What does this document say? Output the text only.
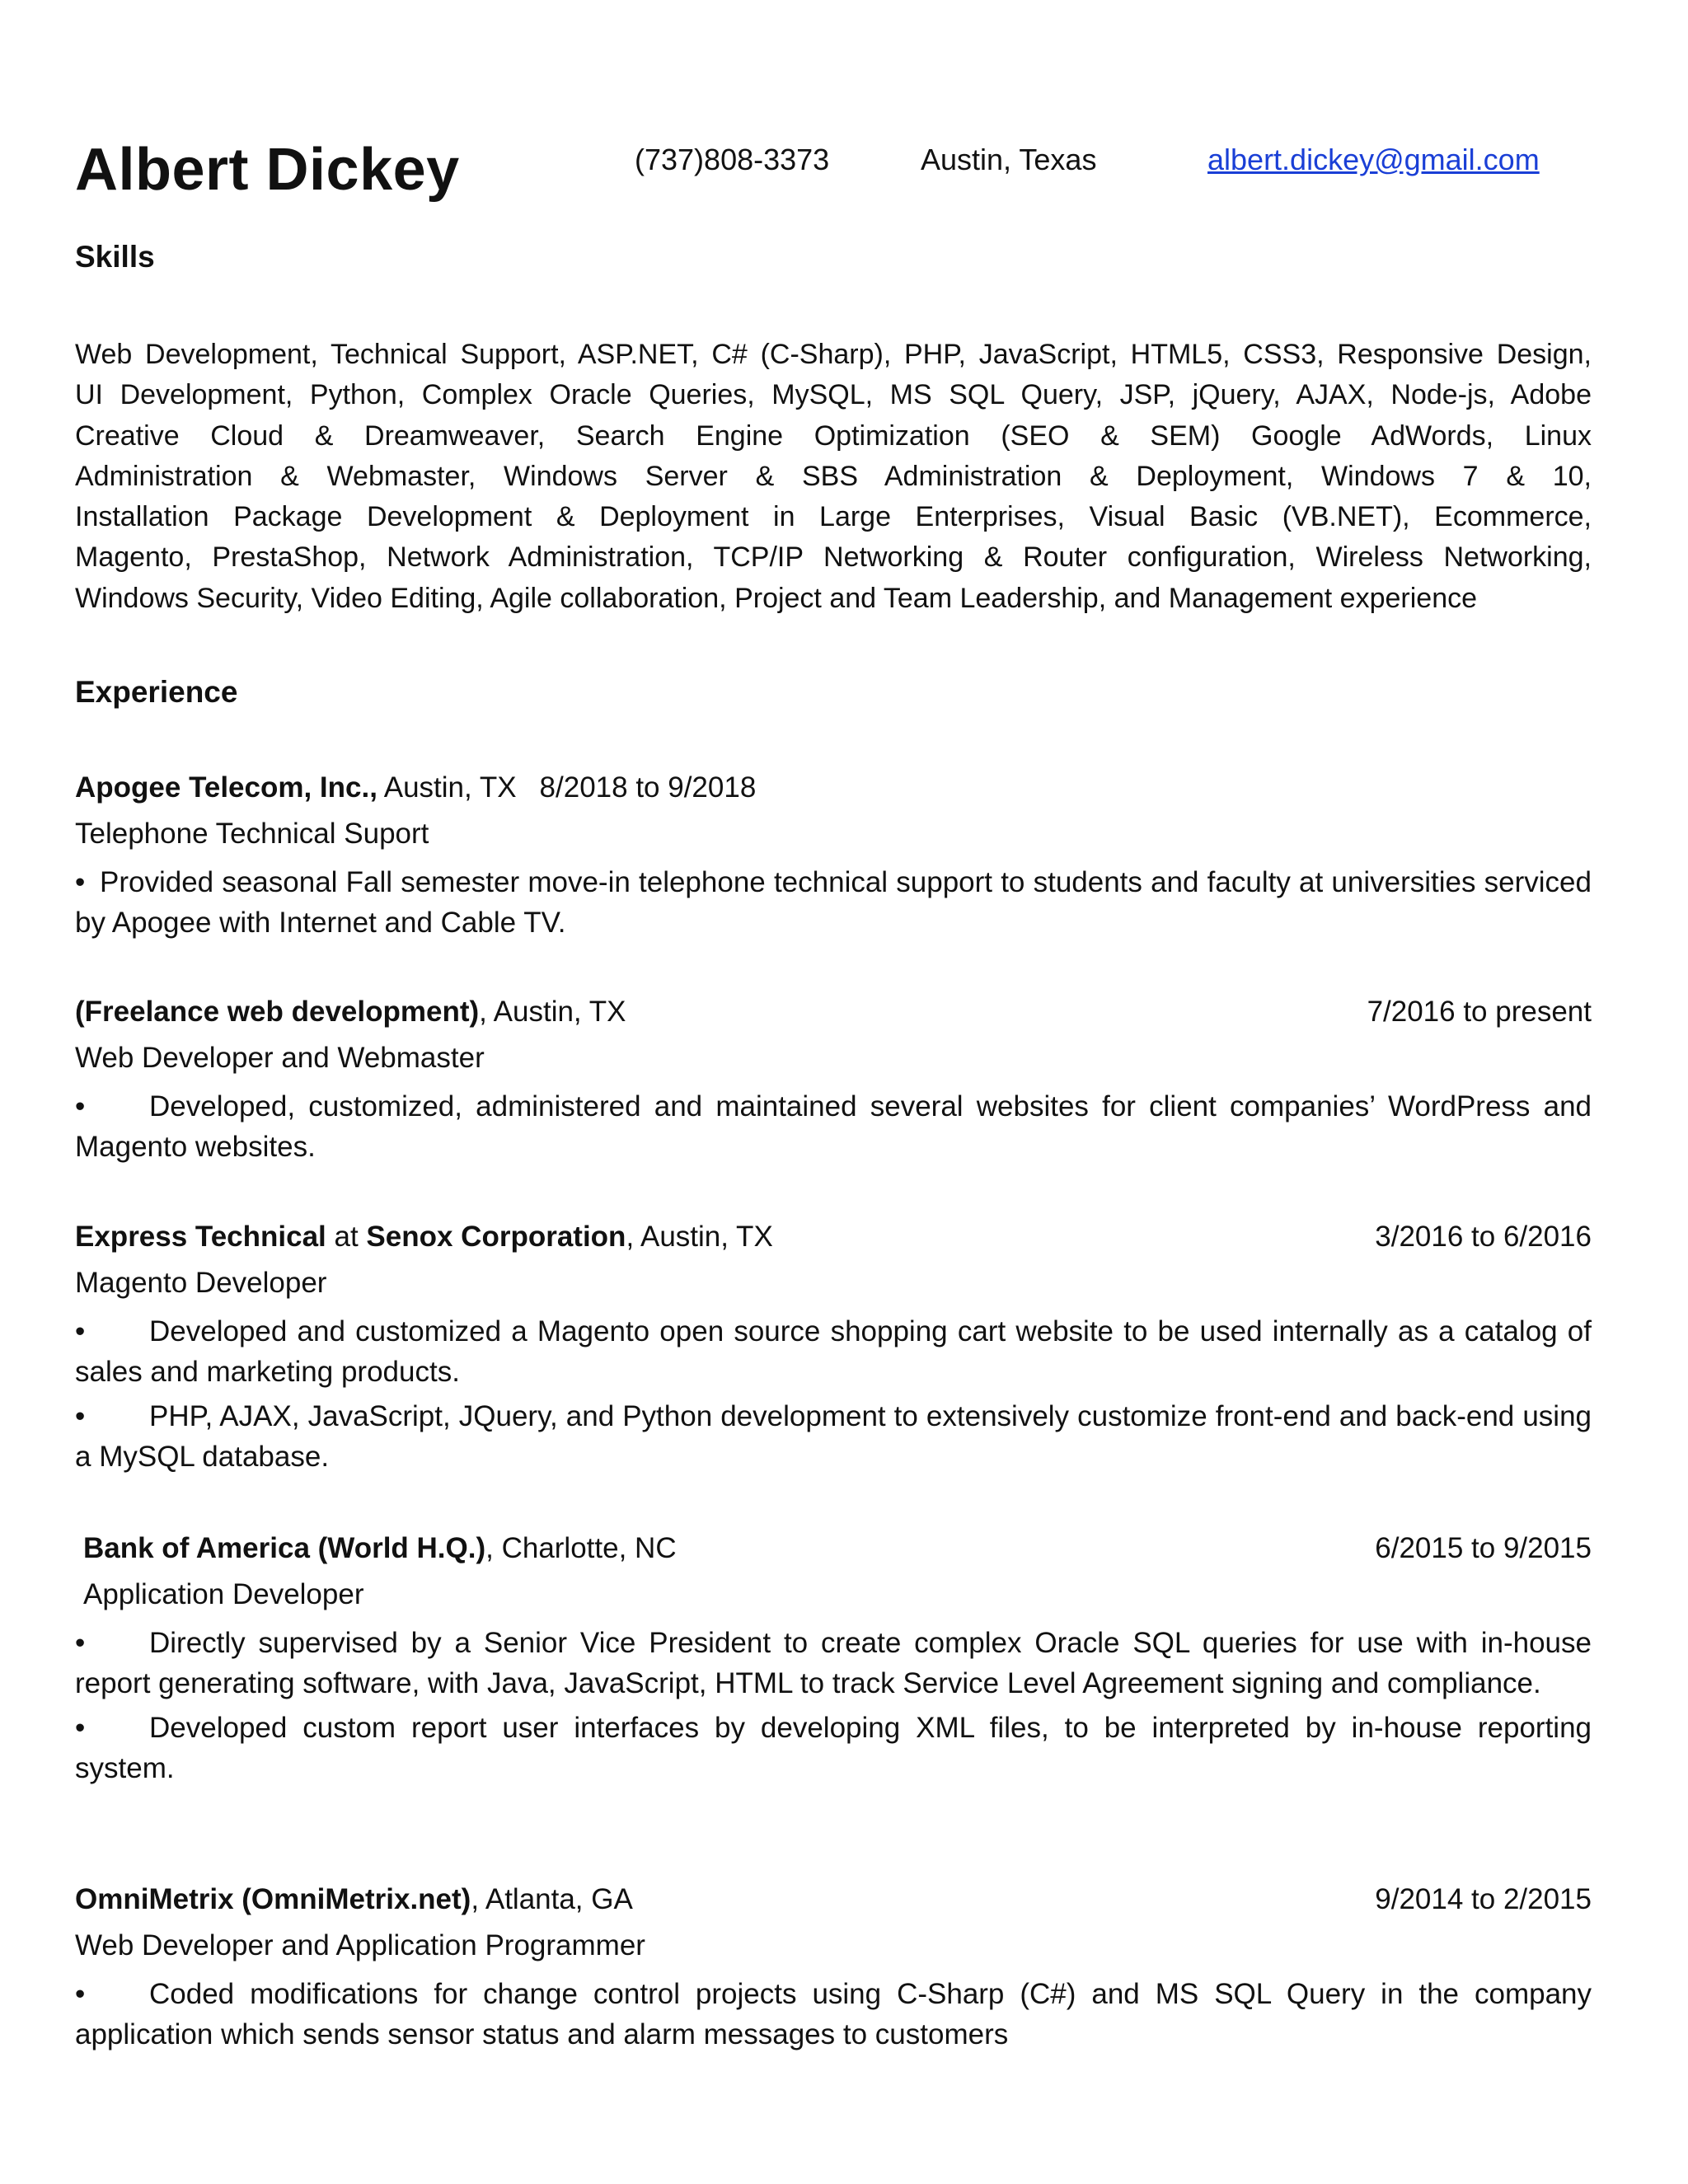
Albert Dickey	(737)808-3373	Austin, Texas	albert.dickey@gmail.com
Skills
Web Development, Technical Support, ASP.NET, C# (C-Sharp), PHP, JavaScript, HTML5, CSS3, Responsive Design,
UI Development, Python, Complex Oracle Queries, MySQL, MS SQL Query, JSP, jQuery, AJAX, Node-js, Adobe
Creative Cloud & Dreamweaver, Search Engine Optimization (SEO & SEM) Google AdWords, Linux
Administration & Webmaster, Windows Server & SBS Administration & Deployment, Windows 7 & 10,
Installation Package Development & Deployment in Large Enterprises, Visual Basic (VB.NET), Ecommerce,
Magento, PrestaShop, Network Administration, TCP/IP Networking & Router configuration, Wireless Networking,
Windows Security, Video Editing, Agile collaboration, Project and Team Leadership, and Management experience
Experience
Apogee Telecom, Inc., Austin, TX 8/2018 to 9/2018
Telephone Technical Suport
• Provided seasonal Fall semester move-in telephone technical support to students and faculty at universities serviced by Apogee with Internet and Cable TV.
(Freelance web development), Austin, TX	7/2016 to present
Web Developer and Webmaster
• Developed, customized, administered and maintained several websites for client companies’ WordPress and Magento websites.
Express Technical at Senox Corporation, Austin, TX	3/2016 to 6/2016
Magento Developer
• Developed and customized a Magento open source shopping cart website to be used internally as a catalog of sales and marketing products.
• PHP, AJAX, JavaScript, JQuery, and Python development to extensively customize front-end and back-end using a MySQL database.
Bank of America (World H.Q.), Charlotte, NC	6/2015 to 9/2015
Application Developer
• Directly supervised by a Senior Vice President to create complex Oracle SQL queries for use with in-house report generating software, with Java, JavaScript, HTML to track Service Level Agreement signing and compliance.
• Developed custom report user interfaces by developing XML files, to be interpreted by in-house reporting system.
OmniMetrix (OmniMetrix.net), Atlanta, GA	9/2014 to 2/2015
Web Developer and Application Programmer
• Coded modifications for change control projects using C-Sharp (C#) and MS SQL Query in the company application which sends sensor status and alarm messages to customers
